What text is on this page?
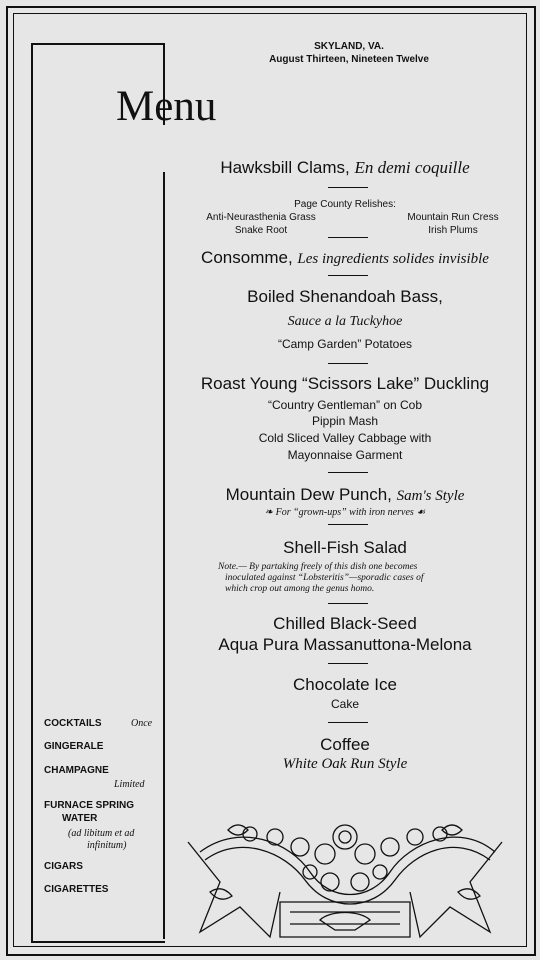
SKYLAND, VA.
August Thirteen, Nineteen Twelve
Menu
Hawksbill Clams, En demi coquille
Page County Relishes:
Anti-Neurasthenia Grass	Mountain Run Cress
Snake Root	Irish Plums
Consomme, Les ingredients solides invisible
Boiled Shenandoah Bass,
Sauce a la Tuckyhoe
“Camp Garden” Potatoes
Roast Young “Scissors Lake” Duckling
“Country Gentleman” on Cob
Pippin Mash
Cold Sliced Valley Cabbage with
Mayonnaise Garment
Mountain Dew Punch, Sam's Style
❧ For “grown-ups” with iron nerves ☙
Shell-Fish Salad
Note.— By partaking freely of this dish one becomes
inoculated against “Lobsteritis”—sporadic cases of
which crop out among the genus homo.
Chilled Black-Seed
Aqua Pura Massanuttona-Melona
Chocolate Ice
Cake
Coffee
White Oak Run Style
COCKTAILS	Once
GINGERALE
CHAMPAGNE
Limited
FURNACE SPRING
WATER
(ad libitum et ad
infinitum)
CIGARS
CIGARETTES
